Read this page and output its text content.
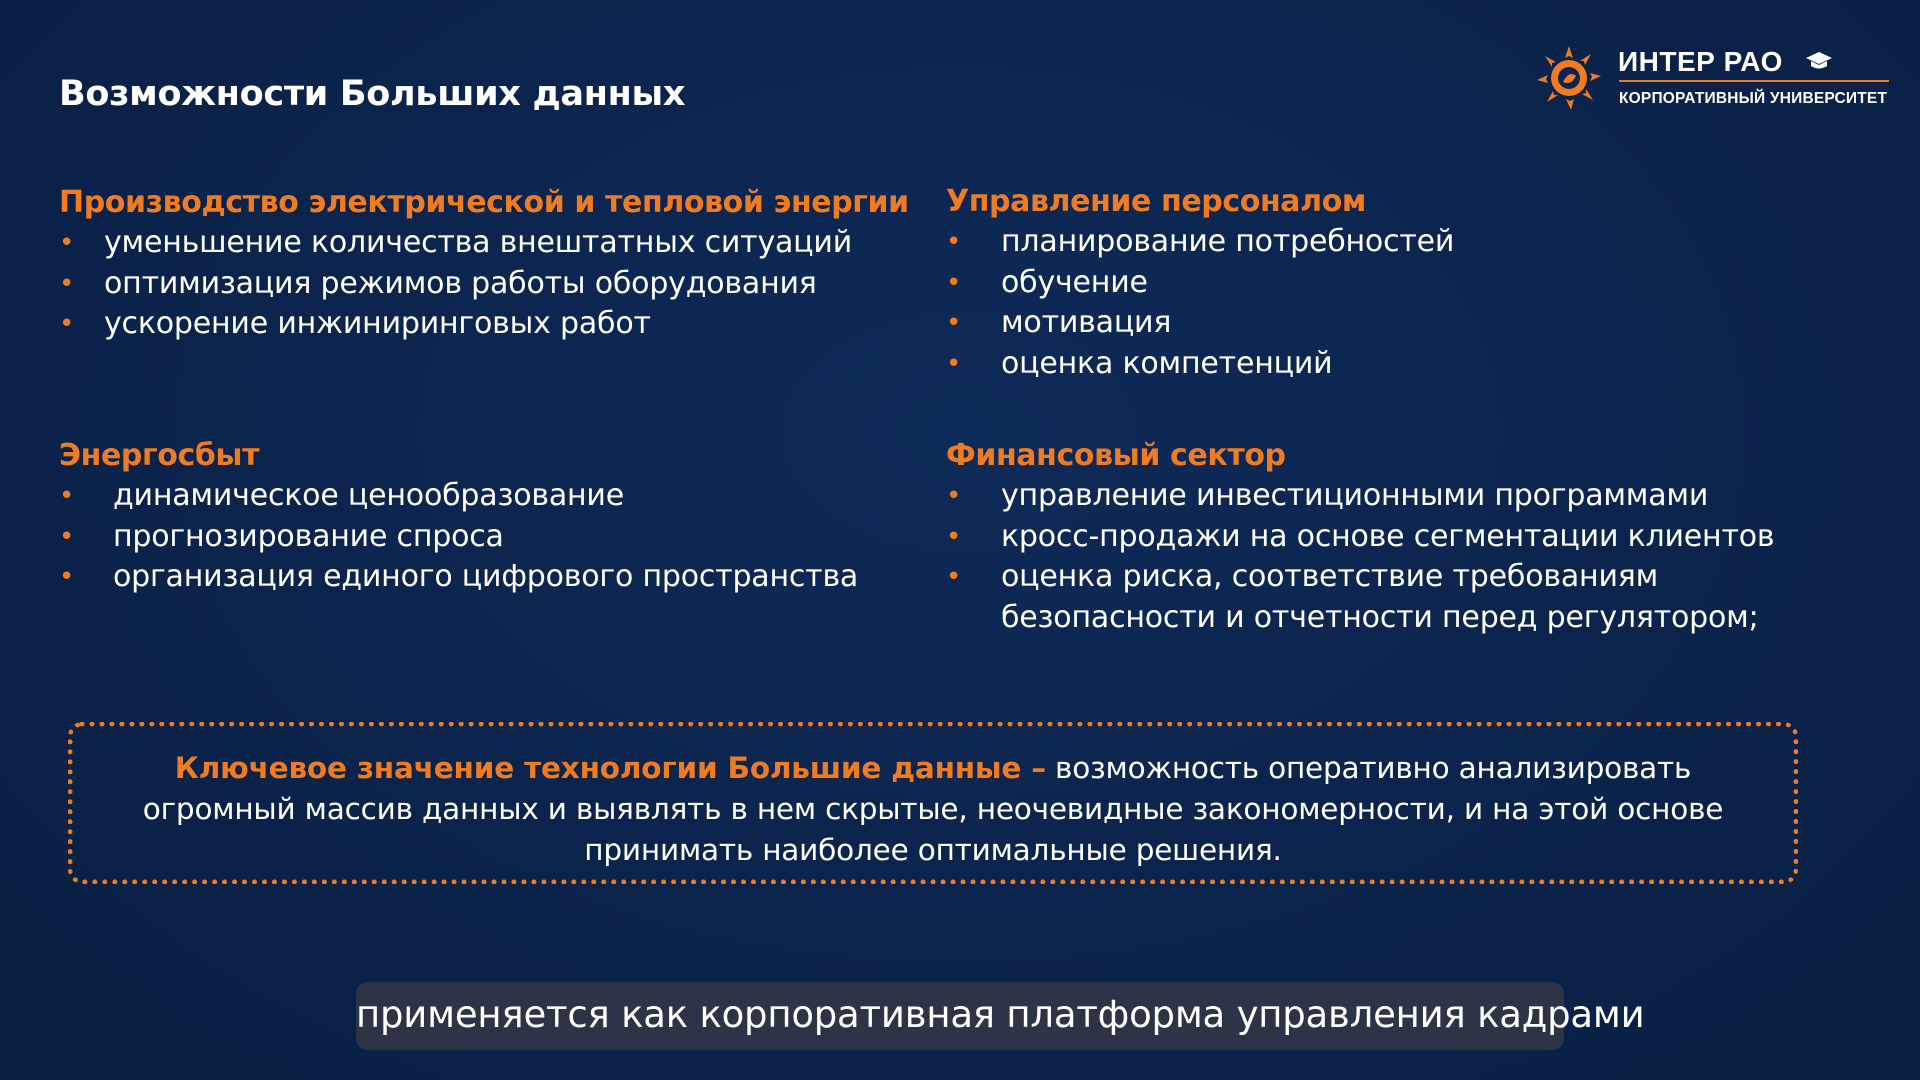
Возможности Больших данных
ИНТЕР РАО
КОРПОРАТИВНЫЙ УНИВЕРСИТЕТ
Производство электрической и тепловой энергии
• уменьшение количества внештатных ситуаций
• оптимизация режимов работы оборудования
• ускорение инжиниринговых работ
Управление персоналом
• планирование потребностей
• обучение
• мотивация
• оценка компетенций
Энергосбыт
• динамическое ценообразование
• прогнозирование спроса
• организация единого цифрового пространства
Финансовый сектор
• управление инвестиционными программами
• кросс-продажи на основе сегментации клиентов
• оценка риска, соответствие требованиям
безопасности и отчетности перед регулятором;
Ключевое значение технологии Большие данные – возможность оперативно анализировать огромный массив данных и выявлять в нем скрытые, неочевидные закономерности, и на этой основе принимать наиболее оптимальные решения.
применяется как корпоративная платформа управления кадрами
